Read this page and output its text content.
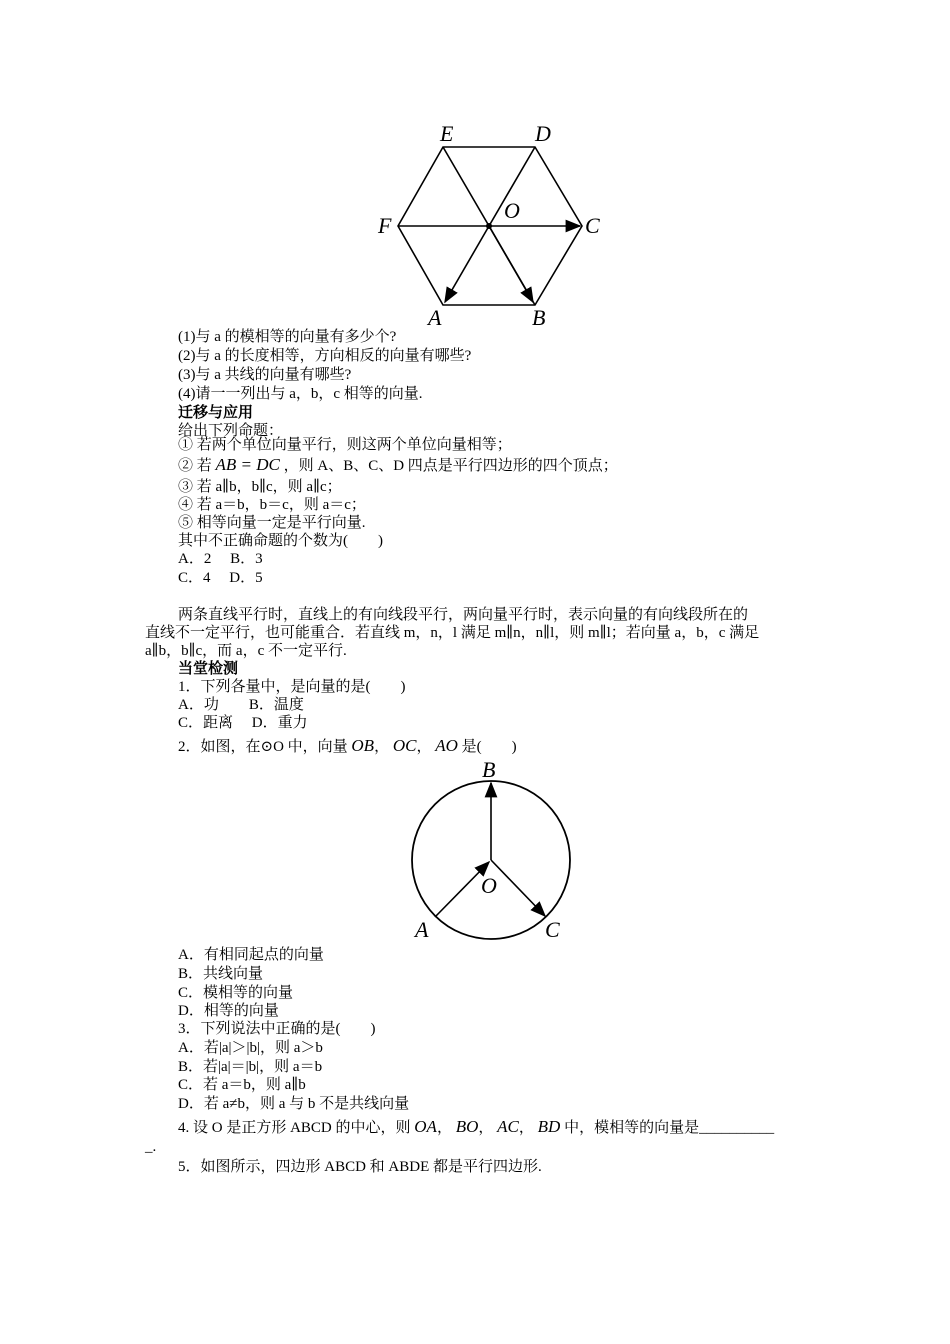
E	D
F
O
C
A	B
(1)与 a 的模相等的向量有多少个?
(2)与 a 的长度相等，方向相反的向量有哪些?
(3)与 a 共线的向量有哪些?
(4)请一一列出与 a，b，c 相等的向量.
迁移与应用
给出下列命题：
① 若两个单位向量平行，则这两个单位向量相等；
② 若 AB = DC ，则 A、B、C、D 四点是平行四边形的四个顶点；
③ 若 a∥b，b∥c，则 a∥c；
④ 若 a＝b，b＝c，则 a＝c；
⑤ 相等向量一定是平行向量.
其中不正确命题的个数为(　　)
A．2　 B．3
C．4　 D．5
两条直线平行时，直线上的有向线段平行，两向量平行时，表示向量的有向线段所在的
直线不一定平行，也可能重合．若直线 m，n，l 满足 m∥n，n∥l，则 m∥l；若向量 a，b，c 满足
a∥b，b∥c，而 a，c 不一定平行.
当堂检测
1．下列各量中，是向量的是(　　)
A．功　　B．温度
C．距离　 D．重力
2．如图，在⊙O 中，向量 OB， OC， AO 是(　　)
B
O
A	C
A．有相同起点的向量
B．共线向量
C．模相等的向量
D．相等的向量
3．下列说法中正确的是(　　)
A．若|a|＞|b|，则 a＞b
B．若|a|＝|b|，则 a＝b
C．若 a＝b，则 a∥b
D．若 a≠b，则 a 与 b 不是共线向量
4. 设 O 是正方形 ABCD 的中心，则 OA， BO， AC， BD 中，模相等的向量是__________
_.
5．如图所示，四边形 ABCD 和 ABDE 都是平行四边形.
